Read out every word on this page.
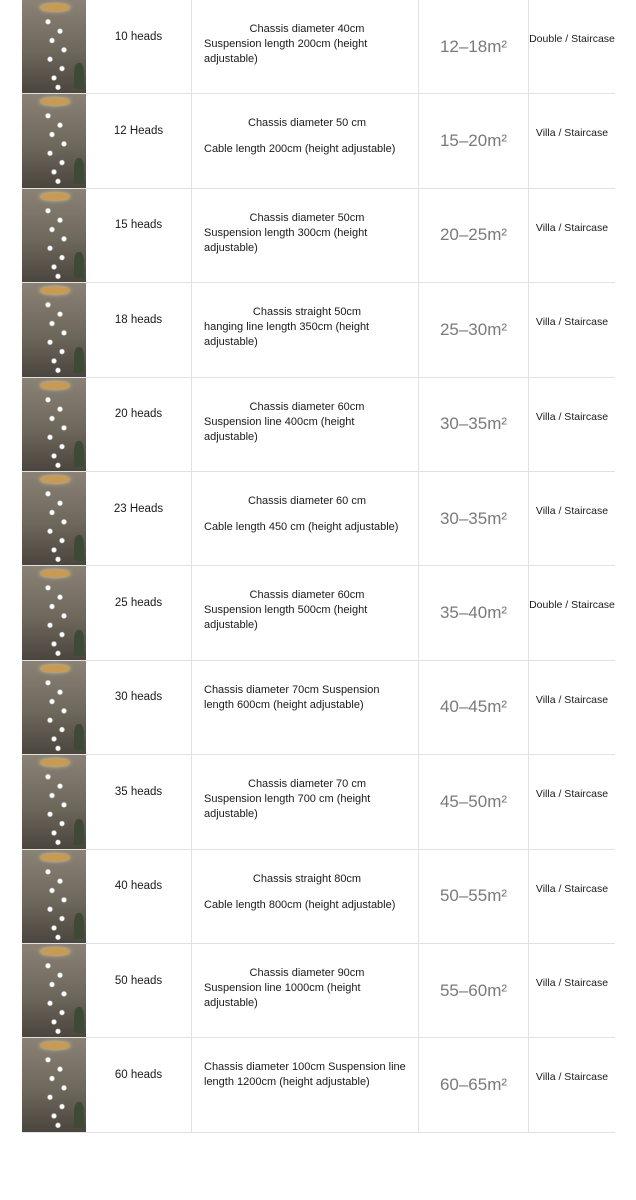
10 heads
Chassis diameter 40cm
Suspension length 200cm (height adjustable)
12–18m²	Double / Staircase
12 Heads
Chassis diameter 50 cm
Cable length 200cm (height adjustable)	15–20m²	Villa / Staircase
15 heads
Chassis diameter 50cm
Suspension length 300cm (height adjustable)
20–25m²	Villa / Staircase
18 heads
Chassis straight 50cm
hanging line length 350cm (height adjustable)
25–30m²	Villa / Staircase
20 heads
Chassis diameter 60cm
Suspension line 400cm (height adjustable)
30–35m²	Villa / Staircase
23 Heads
Chassis diameter 60 cm
Cable length 450 cm (height adjustable)	30–35m²	Villa / Staircase
25 heads
Chassis diameter 60cm
Suspension length 500cm (height adjustable)
35–40m²	Double / Staircase
30 heads
Chassis diameter 70cm Suspension length 600cm (height adjustable)	40–45m²	Villa / Staircase
35 heads
Chassis diameter 70 cm
Suspension length 700 cm (height adjustable)
45–50m²	Villa / Staircase
40 heads
Chassis straight 80cm
Cable length 800cm (height adjustable)	50–55m²	Villa / Staircase
50 heads
Chassis diameter 90cm
Suspension line 1000cm (height adjustable)
55–60m²	Villa / Staircase
60 heads
Chassis diameter 100cm Suspension line length 1200cm (height adjustable)	60–65m²	Villa / Staircase
